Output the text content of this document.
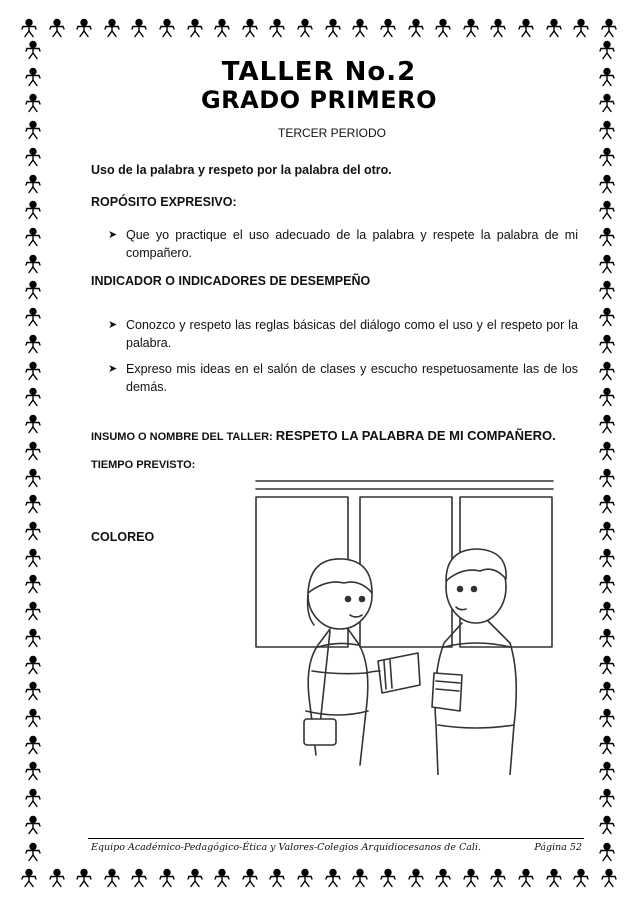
TALLER No.2
GRADO PRIMERO
TERCER PERIODO
Uso de la palabra y respeto por la palabra del otro.
ROPÓSITO EXPRESIVO:
➤ Que yo practique el uso adecuado de la palabra y respete la palabra de mi compañero.
INDICADOR O INDICADORES DE DESEMPEÑO
➤ Conozco y respeto las reglas básicas del diálogo como el uso y el respeto por la palabra.
➤ Expreso mis ideas en el salón de clases y escucho respetuosamente las de los demás.
INSUMO O NOMBRE DEL TALLER: RESPETO LA PALABRA DE MI COMPAÑERO.
TIEMPO PREVISTO:
COLOREO
Equipo Académico-Pedagógico-Ética y Valores-Colegios Arquidiocesanos de Cali.	Página 52
